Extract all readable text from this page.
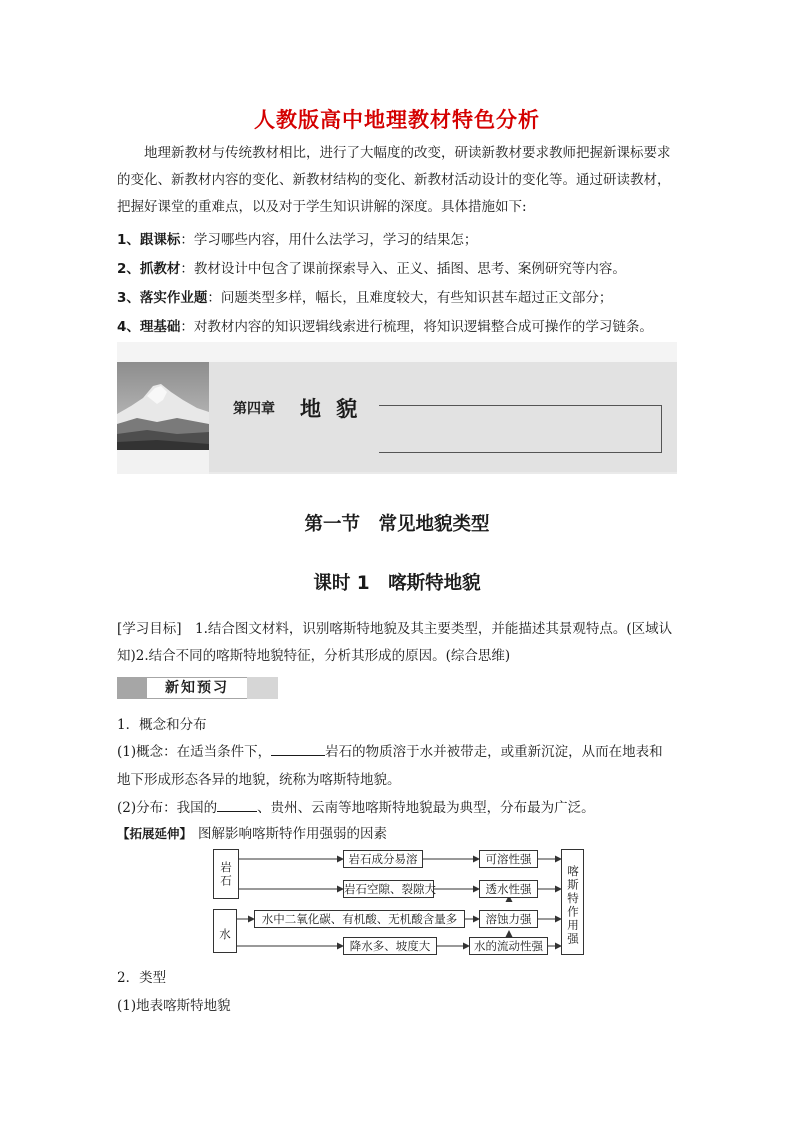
人教版高中地理教材特色分析
地理新教材与传统教材相比，进行了大幅度的改变，研读新教材要求教师把握新课标要求的变化、新教材内容的变化、新教材结构的变化、新教材活动设计的变化等。通过研读教材，把握好课堂的重难点，以及对于学生知识讲解的深度。具体措施如下:
1、跟课标：学习哪些内容，用什么法学习，学习的结果怎；
2、抓教材：教材设计中包含了课前探索导入、正义、插图、思考、案例研究等内容。
3、落实作业题：问题类型多样，幅长，且难度较大，有些知识甚车超过正文部分；
4、理基础：对教材内容的知识逻辑线索进行梳理，将知识逻辑整合成可操作的学习链条。
第四章 地 貌
第一节　常见地貌类型
课时 1　喀斯特地貌
[学习目标]　1.结合图文材料，识别喀斯特地貌及其主要类型，并能描述其景观特点。(区域认知)2.结合不同的喀斯特地貌特征，分析其形成的原因。(综合思维)
新知预习
1．概念和分布
(1)概念：在适当条件下，	岩石的物质溶于水并被带走，或重新沉淀，从而在地表和
地下形成形态各异的地貌，统称为喀斯特地貌。
(2)分布：我国的	、贵州、云南等地喀斯特地貌最为典型，分布最为广泛。
【拓展延伸】 图解影响喀斯特作用强弱的因素
岩石
水
岩石成分易溶
岩石空隙、裂隙大
水中二氧化碳、有机酸、无机酸含量多
降水多、坡度大
可溶性强
透水性强
溶蚀力强
水的流动性强
喀斯特作用强
2．类型
(1)地表喀斯特地貌
